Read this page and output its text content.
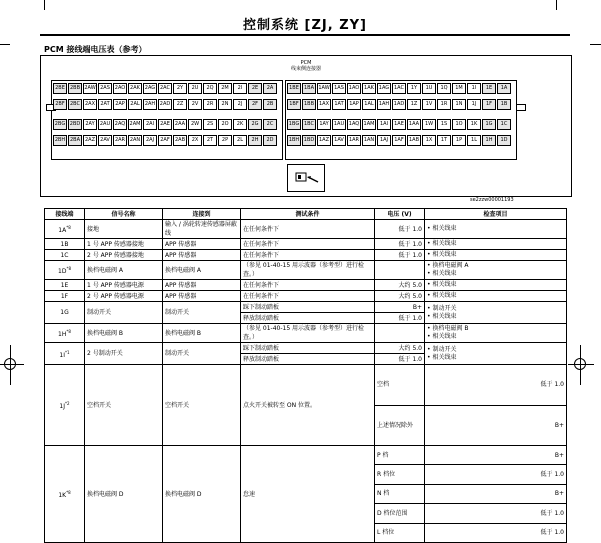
控制系统 [ZJ, ZY]
PCM 接线端电压表（参考）
PCM
线束侧连接器
2BE	2BB 2AW 2AS 2AO 2AK 2AG 2AC	2Y	2U	2Q	2M	2I	2E	2A
2BF	2BC 2AX	2AT	2AP	2AL	2AH 2AD	2Z	2V	2R	2N	2J	2F	2B
2BG 2BD	2AY	2AU 2AQ 2AM	2AI	2AE	2AA	2W	2S	2O	2K	2G	2C
2BH 2BA 2AZ	2AV	2AR 2AN	2AJ	2AF	2AB	2X	2T	2P	2L	2H	2D
1BE	1BA 1AW 1AS 1AO 1AK 1AG 1AC	1Y	1U	1Q	1M	1I	1E	1A
1BF	1BB 1AX	1AT	1AP	1AL	1AH 1AD	1Z	1V	1R	1N	1J	1F	1B
1BG 1BC	1AY	1AU 1AQ 1AM	1AI	1AE	1AA	1W	1S	1O	1K	1G	1C
1BH 1BD 1AZ	1AV	1AR 1AN	1AJ	1AF	1AB	1X	1T	1P	1L	1H	1D
se2zzw00001193
接线端	信号名称	连接到	测试条件	电压 (V)	检查项目	
$1A^{*8}$	接地	输入 / 涡轮转速传感器屏蔽线	在任何条件下	低于 1.0	• 相关线束	

1B	1 号 APP 传感器接地	APP 传感器	在任何条件下	低于 1.0	• 相关线束	

1C	2 号 APP 传感器接地	APP 传感器	在任何条件下	低于 1.0	• 相关线束	

$1D^{*8}$	换档电磁阀 A	换档电磁阀 A	（参见 01-40-15 用示波器（参考型）进行检查。）		• 换档电磁阀 A
• 相关线束	

1E	1 号 APP 传感器电源	APP 传感器	在任何条件下	大约 5.0	• 相关线束	

1F	2 号 APP 传感器电源	APP 传感器	在任何条件下	大约 5.0	• 相关线束	

1G	制动开关	制动开关	踩下制动踏板	B+	• 制动开关
• 相关线束	

			释放制动踏板	低于 1.0		
$1H^{*8}$	换档电磁阀 B	换档电磁阀 B	（参见 01-40-15 用示波器（参考型）进行检查。）		• 换档电磁阀 B
• 相关线束	

$1I^{*1}$	2 号制动开关	制动开关	踩下制动踏板	大约 5.0	• 制动开关
• 相关线束	

			释放制动踏板	低于 1.0		
$1J^{*2}$	空档开关	空档开关	点火开关被转至 ON 位置。	空档	低于 1.0	

				上述情况除外	B+	
$1K^{*8}$	换档电磁阀 D	换档电磁阀 D	怠速	P 档	B+	

				R 档位	低于 1.0	
				N 档	B+	
				D 档位范围	低于 1.0	
				L 档位	低于 1.0	
